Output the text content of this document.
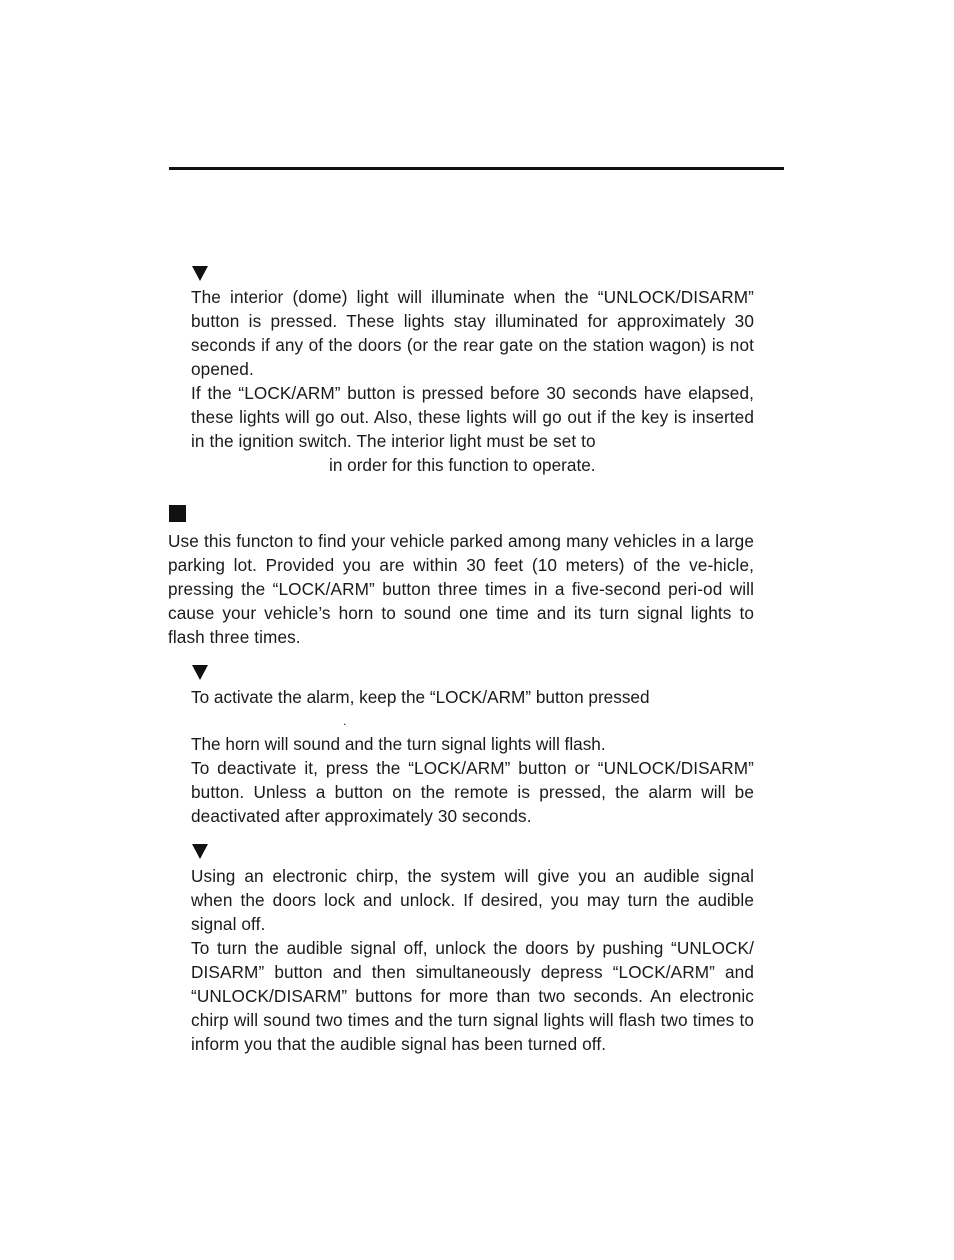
The interior (dome) light will illuminate when the “UNLOCK/DISARM” button is pressed. These lights stay illuminated for approximately 30 seconds if any of the doors (or the rear gate on the station wagon) is not opened.

If the “LOCK/ARM” button is pressed before 30 seconds have elapsed, these lights will go out. Also, these lights will go out if the key is inserted in the ignition switch. The interior light must be set to

in order for this function to operate.

Use this functon to find your vehicle parked among many vehicles in a large parking lot. Provided you are within 30 feet (10 meters) of the ve-hicle, pressing the “LOCK/ARM” button three times in a five-second peri-od will cause your vehicle’s horn to sound one time and its turn signal lights to flash three times.

To activate the alarm, keep the “LOCK/ARM” button pressed

.

The horn will sound and the turn signal lights will flash.

To deactivate it, press the “LOCK/ARM” button or “UNLOCK/DISARM” button. Unless a button on the remote is pressed, the alarm will be deactivated after approximately 30 seconds.

Using an electronic chirp, the system will give you an audible signal when the doors lock and unlock. If desired, you may turn the audible signal off.

To turn the audible signal off, unlock the doors by pushing “UNLOCK/ DISARM” button and then simultaneously depress “LOCK/ARM” and “UNLOCK/DISARM” buttons for more than two seconds. An electronic chirp will sound two times and the turn signal lights will flash two times to inform you that the audible signal has been turned off.
